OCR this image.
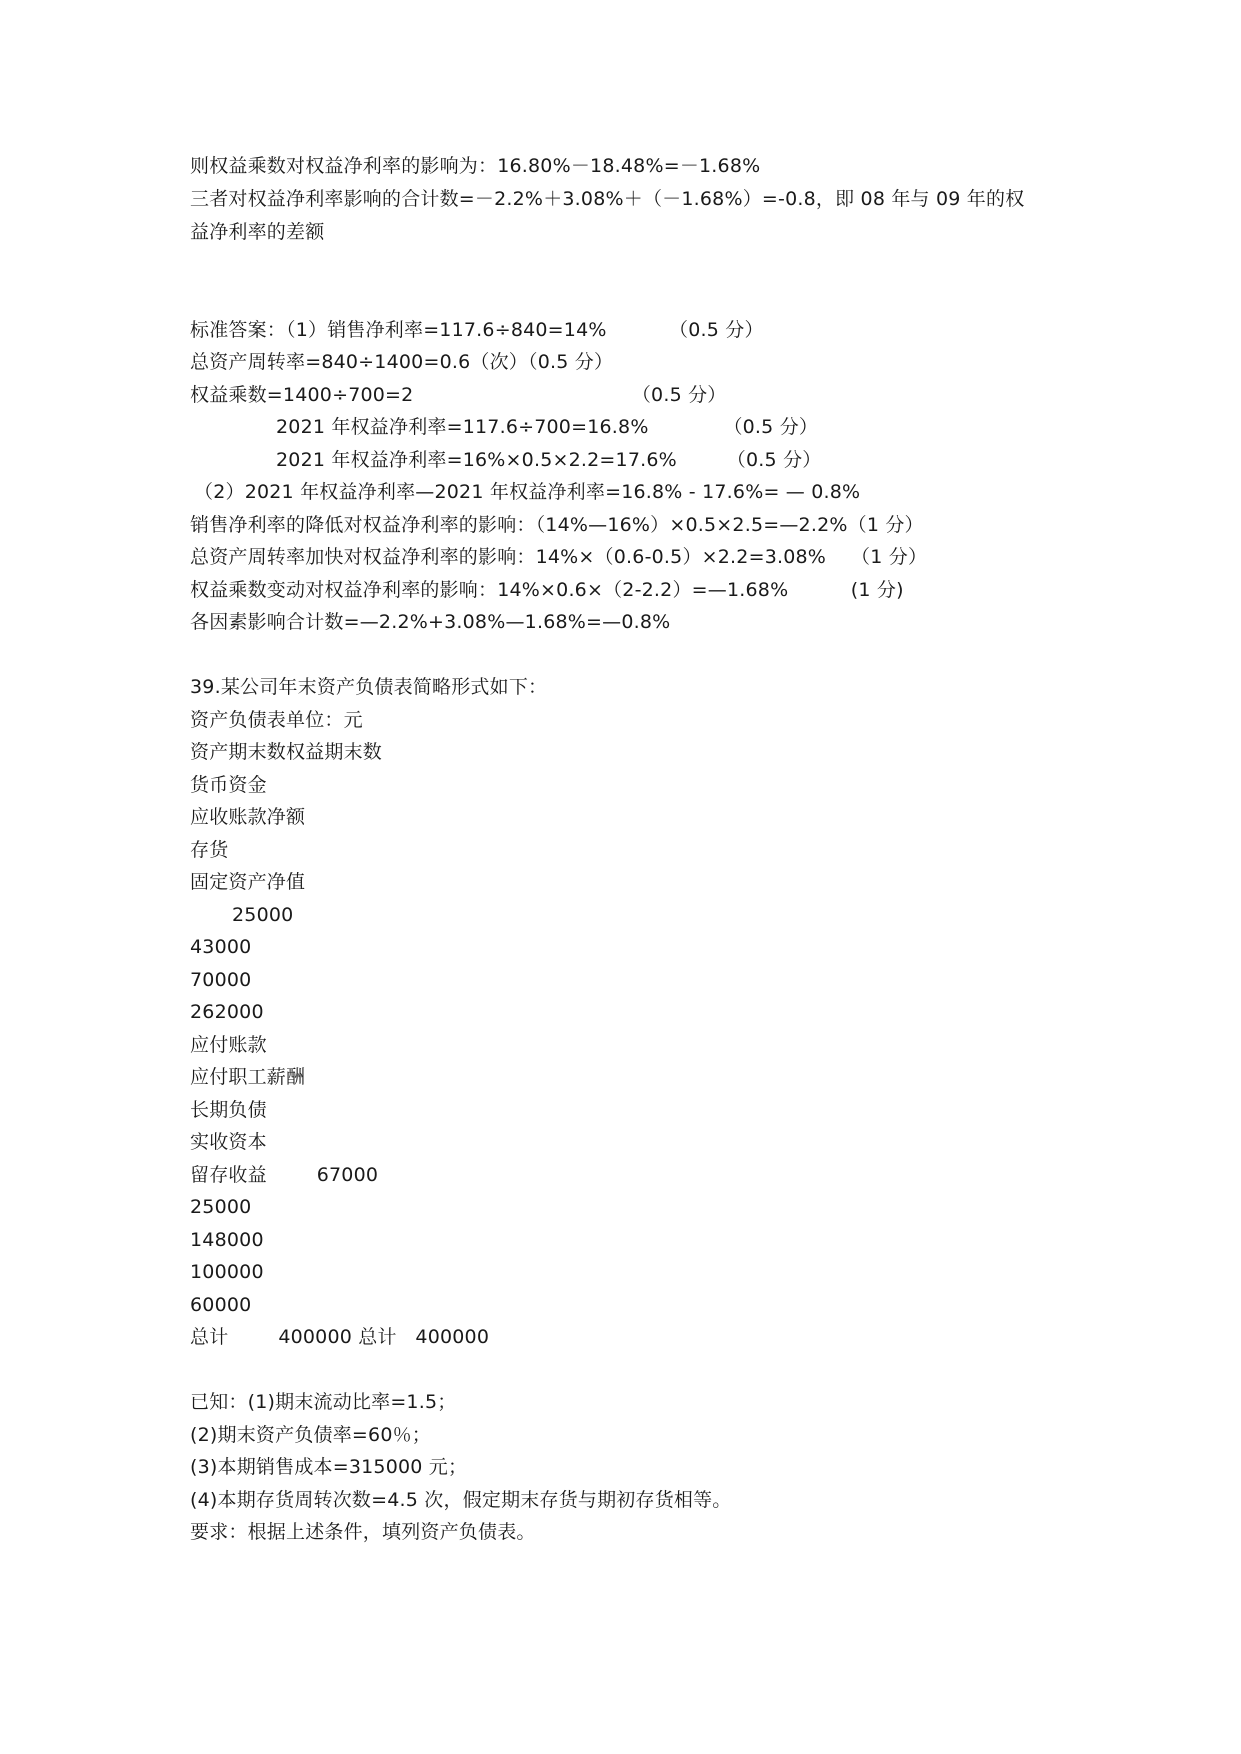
则权益乘数对权益净利率的影响为：16.80%－18.48%=－1.68%
三者对权益净利率影响的合计数=－2.2%＋3.08%＋（－1.68%）=-0.8，即 08 年与 09 年的权
益净利率的差额
标准答案：（1）销售净利率=117.6÷840=14%          （0.5 分）
总资产周转率=840÷1400=0.6（次）（0.5 分）
权益乘数=1400÷700=2                                   （0.5 分）
2021 年权益净利率=117.6÷700=16.8%            （0.5 分）
2021 年权益净利率=16%×0.5×2.2=17.6%        （0.5 分）
（2）2021 年权益净利率—2021 年权益净利率=16.8% - 17.6%= — 0.8%
销售净利率的降低对权益净利率的影响：（14%—16%）×0.5×2.5=—2.2%（1 分）
总资产周转率加快对权益净利率的影响：14%×（0.6-0.5）×2.2=3.08%    （1 分）
权益乘数变动对权益净利率的影响：14%×0.6×（2-2.2）=—1.68%          (1 分)
各因素影响合计数=—2.2%+3.08%—1.68%=—0.8%
39.某公司年末资产负债表简略形式如下：
资产负债表单位：元
资产期末数权益期末数
货币资金
应收账款净额
存货
固定资产净值
25000
43000
70000
262000
应付账款
应付职工薪酬
长期负债
实收资本
留存收益        67000
25000
148000
100000
60000
总计        400000 总计   400000
已知：(1)期末流动比率=1.5；
(2)期末资产负债率=60％；
(3)本期销售成本=315000 元；
(4)本期存货周转次数=4.5 次，假定期末存货与期初存货相等。
要求：根据上述条件，填列资产负债表。
